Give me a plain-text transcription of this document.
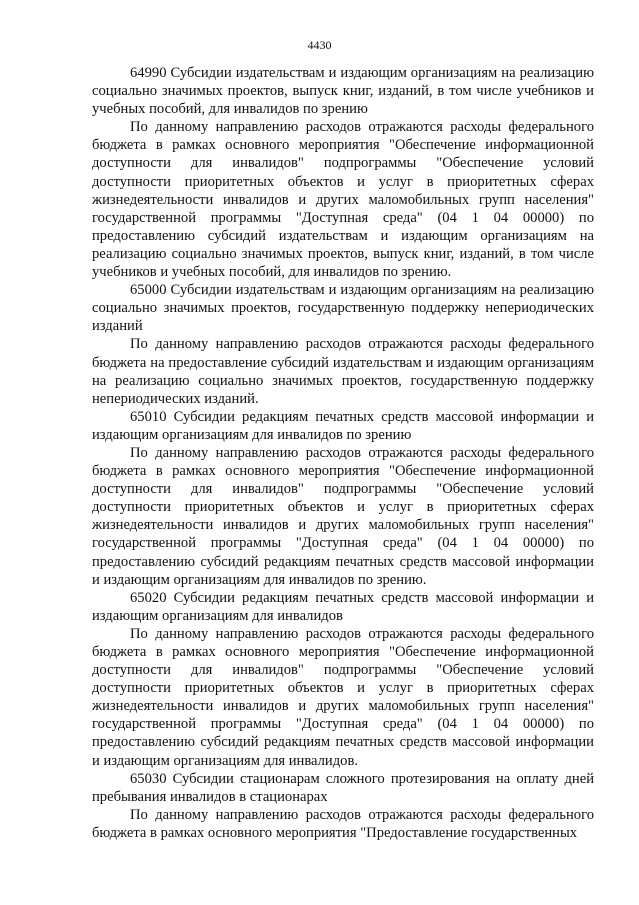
4430

64990 Субсидии издательствам и издающим организациям на реализацию социально значимых проектов, выпуск книг, изданий, в том числе учебников и учебных пособий, для инвалидов по зрению

По данному направлению расходов отражаются расходы федерального бюджета в рамках основного мероприятия "Обеспечение информационной доступности для инвалидов" подпрограммы "Обеспечение условий доступности приоритетных объектов и услуг в приоритетных сферах жизнедеятельности инвалидов и других маломобильных групп населения" государственной программы "Доступная среда" (04 1 04 00000) по предоставлению субсидий издательствам и издающим организациям на реализацию социально значимых проектов, выпуск книг, изданий, в том числе учебников и учебных пособий, для инвалидов по зрению.

65000 Субсидии издательствам и издающим организациям на реализацию социально значимых проектов, государственную поддержку непериодических изданий

По данному направлению расходов отражаются расходы федерального бюджета на предоставление субсидий издательствам и издающим организациям на реализацию социально значимых проектов, государственную поддержку непериодических изданий.

65010 Субсидии редакциям печатных средств массовой информации и издающим организациям для инвалидов по зрению

По данному направлению расходов отражаются расходы федерального бюджета в рамках основного мероприятия "Обеспечение информационной доступности для инвалидов" подпрограммы "Обеспечение условий доступности приоритетных объектов и услуг в приоритетных сферах жизнедеятельности инвалидов и других маломобильных групп населения" государственной программы "Доступная среда" (04 1 04 00000) по предоставлению субсидий редакциям печатных средств массовой информации и издающим организациям для инвалидов по зрению.

65020 Субсидии редакциям печатных средств массовой информации и издающим организациям для инвалидов

По данному направлению расходов отражаются расходы федерального бюджета в рамках основного мероприятия "Обеспечение информационной доступности для инвалидов" подпрограммы "Обеспечение условий доступности приоритетных объектов и услуг в приоритетных сферах жизнедеятельности инвалидов и других маломобильных групп населения" государственной программы "Доступная среда" (04 1 04 00000) по предоставлению субсидий редакциям печатных средств массовой информации и издающим организациям для инвалидов.

65030 Субсидии стационарам сложного протезирования на оплату дней пребывания инвалидов в стационарах

По данному направлению расходов отражаются расходы федерального бюджета в рамках основного мероприятия "Предоставление государственных
